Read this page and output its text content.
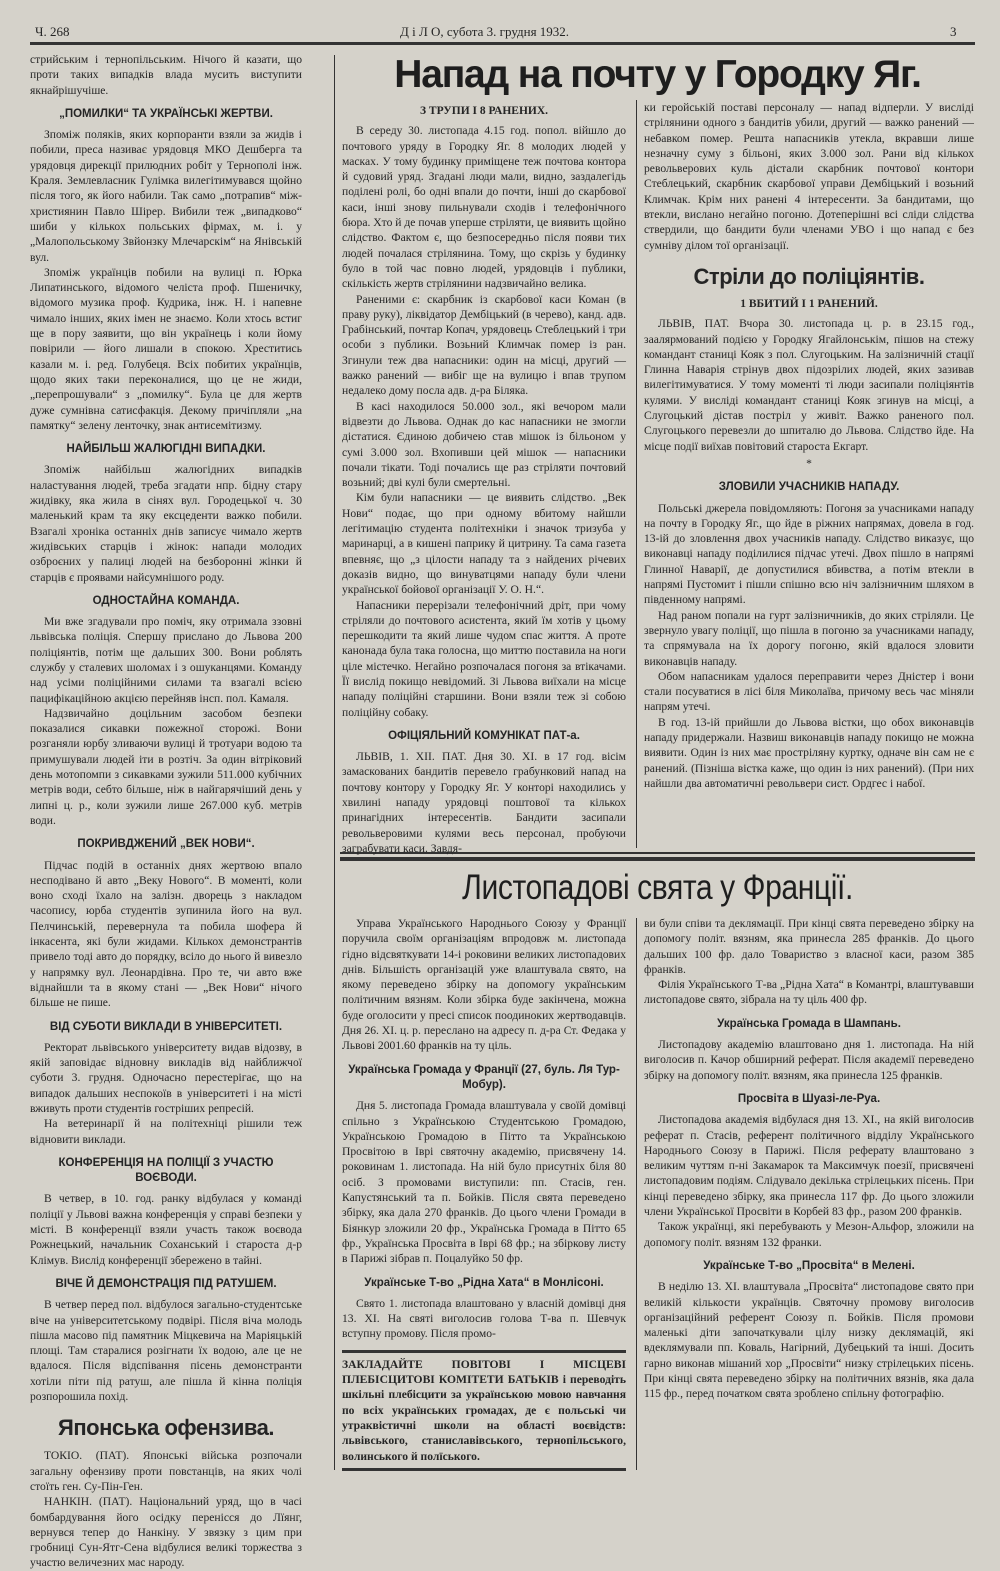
Ч. 268	Д і Л О, субота 3. грудня 1932.	3
Напад на почту у Городку Яг.
Листопадові свята у Франції.

стрийським і тернопільським. Нічого й казати, що проти таких випадків влада мусить виступити якнайрішучіше.

„ПОМИЛКИ“ ТА УКРАЇНСЬКІ ЖЕРТВИ.

Зпоміж поляків, яких корпоранти взяли за жидів і побили, преса називає урядовця МКО Дешберга та урядовця дирекції прилюдних робіт у Тернополі інж. Краля. Землевласник Гулімка вилегітимувався щойно після того, як його набили. Так само „потрапив“ між-християнин Павло Шірер. Вибили теж „випадково“ шиби у кількох польських фірмах, м. і. у „Малопольському Звйонзку Млечарскім“ на Янівській вул.

Зпоміж українців побили на вулиці п. Юрка Липатинського, відомого челіста проф. Пшеничку, відомого музика проф. Кудрика, інж. Н. і напевне чимало інших, яких імен не знаємо. Коли хтось встиг ще в пору заявити, що він українець і коли йому повірили — його лишали в спокою. Хреститись казали м. і. ред. Голубеця. Всіх побитих українців, щодо яких таки переконалися, що це не жиди, „перепрошували“ з „помилку“. Була це для жертв дуже сумнівна сатисфакція. Декому причіпляли „на памятку“ зелену ленточку, знак антисемітизму.

НАЙБІЛЬШ ЖАЛЮГІДНІ ВИПАДКИ.

Зпоміж найбільш жалюгідних випадків наластування людей, треба згадати нпр. бідну стару жидівку, яка жила в сінях вул. Городецької ч. 30 маленький крам та яку ексцеденти важко побили. Взагалі хроніка останніх днів записує чимало жертв жидівських старців і жінок: напади молодих озброєних у палиці людей на безборонні жінки й старців є проявами найсумнішого роду.

ОДНОСТАЙНА КОМАНДА.

Ми вже згадували про поміч, яку отримала ззовні львівська поліція. Спершу прислано до Львова 200 поліціянтів, потім ще дальших 300. Вони роблять службу у сталевих шоломах і з ошуканцями. Команду над усіми поліційними силами та взагалі всією пацифікаційною акцією перейняв інсп. пол. Камаля.

Надзвичайно доцільним засобом безпеки показалися сикавки пожежної сторожі. Вони розганяли юрбу зливаючи вулиці й тротуари водою та примушували людей іти в розтіч. За один вітріковий день мотопомпи з сикавками зужили 511.000 кубічних метрів води, себто більше, ніж в найгарячіший день у липні ц. р., коли зужили лише 267.000 куб. метрів води.

ПОКРИВДЖЕНИЙ „ВЕК НОВИ“.

Підчас подій в останніх днях жертвою впало несподівано й авто „Веку Нового“. В моменті, коли воно сході їхало на залізн. дворець з накладом часопису, юрба студентів зупинила його на вул. Пелчинській, перевернула та побила шофера й інкасента, які були жидами. Кількох демонстрантів привело тоді авто до порядку, всіло до нього й вивезло у напрямку вул. Леонардівна. Про те, чи авто вже віднайшли та в якому стані — „Век Нови“ нічого більше не пише.

ВІД СУБОТИ ВИКЛАДИ В УНІВЕРСИТЕТІ.

Ректорат львівського університету видав відозву, в якій заповідає відновну викладів від найближчої суботи 3. грудня. Одночасно перестерігає, що на випадок дальших неспокоїв в університеті і на місті вживуть проти студентів гостріших репресій.

На ветеринарії й на політехніці рішили теж відновити виклади.

КОНФЕРЕНЦІЯ НА ПОЛІЦІЇ З УЧАСТЮ ВОЄВОДИ.

В четвер, в 10. год. ранку відбулася у команді поліції у Львові важна конференція у справі безпеки у місті. В конференції взяли участь також воєвода Рожнецький, начальник Соханський і староста д-р Клімув. Вислід конференції збережено в тайні.

ВІЧЕ Й ДЕМОНСТРАЦІЯ ПІД РАТУШЕМ.

В четвер перед пол. відбулося загально-студентське віче на університетському подвірі. Після віча молодь пішла масово під памятник Міцкевича на Маріяцькій площі. Там старалися розігнати їх водою, але це не вдалося. Після відспівання пісень демонстранти хотіли піти під ратуш, але пішла й кінна поліція розпорошила похід.

Японська офензива.

ТОКІО. (ПАТ). Японські війська розпочали загальну офензиву проти повстанців, на яких чолі стоїть ген. Су-Пін-Ген.

НАНКІН. (ПАТ). Національний уряд, що в часі бомбардування його осідку перенісся до Лїянг, вернувся тепер до Нанкіну. У звязку з цим при гробниці Сун-Ятг-Сена відбулися великі торжества з участю величезних мас народу.

З ТРУПИ І 8 РАНЕНИХ.

В середу 30. листопада 4.15 год. попол. війшло до почтового уряду в Городку Яг. 8 молодих людей у масках. У тому будинку приміщене теж почтова контора й судовий уряд. Згадані люди мали, видно, заздалегідь поділені ролі, бо одні впали до почти, інші до скарбової каси, інші знову пильнували сходів і телефонічного бюра. Хто й де почав уперше стріляти, це виявить щойно слідство. Фактом є, що безпосередньо після появи тих людей почалася стрілянина. Тому, що скрізь у будинку було в той час повно людей, урядовців і публики, скількість жертв стрілянини надзвичайно велика.

Раненими є: скарбник із скарбової каси Коман (в праву руку), ліквідатор Дембіцький (в черево), канд. адв. Грабінський, почтар Копач, урядовець Стеблецький і три особи з публики. Возьний Климчак помер із ран. Згинули теж два напасники: один на місці, другий — важко ранений — вибіг ще на вулицю і впав трупом недалеко дому посла адв. д-ра Біляка.

В касі находилося 50.000 зол., які вечором мали відвезти до Львова. Однак до кас напасники не змогли дістатися. Єдиною добичею став мішок із більоном у сумі 3.000 зол. Вхопивши цей мішок — напасники почали тікати. Тоді почались ще раз стріляти почтовий возьний; дві кулі були смертельні.

Кім були напасники — це виявить слідство. „Век Нови“ подає, що при одному вбитому найшли легітимацію студента політехніки і значок тризуба у маринарці, а в кишені паприку й цитрину. Та сама газета впевняє, що „з цілости нападу та з найдених річевих доказів видно, що винуватцями нападу були члени української бойової організації У. О. Н.“.

Напасники перерізали телефонічний дріт, при чому стріляли до почтового асистента, який їм хотів у цьому перешкодити та який лише чудом спас життя. А проте канонада була така голосна, що миттю поставила на ноги ціле містечко. Негайно розпочалася погоня за втікачами. Її вислід покищо невідомий. Зі Львова виїхали на місце нападу поліційні старшини. Вони взяли теж зі собою поліційну собаку.

ОФІЦІЯЛЬНИЙ КОМУНІКАТ ПАТ-а.

ЛЬВІВ, 1. XII. ПАТ. Дня 30. XI. в 17 год. вісім замаскованих бандитів перевело грабунковий напад на почтову контору у Городку Яг. У конторі находились у хвилині нападу урядовці поштової та кількох принагідних інтересентів. Бандити засипали револьверовими кулями весь персонал, пробуючи заграбувати каси. Завдя-

ки геройській поставі персоналу — напад відперли. У висліді стрілянини одного з бандитів убили, другий — важко ранений — небавком помер. Решта напасників утекла, вкравши лише незначну суму з більоні, яких 3.000 зол. Рани від кількох револьверових куль дістали скарбник почтової контори Стеблецький, скарбник скарбової управи Дембіцький і возьний Климчак. Крім них ранені 4 інтересенти. За бандитами, що втекли, вислано негайно погоню. Дотеперішні всі сліди слідства ствердили, що бандити були членами УВО і що напад є без сумніву ділом тої організації.

Стріли до поліціянтів.

1 ВБИТИЙ І 1 РАНЕНИЙ.

ЛЬВІВ, ПАТ. Вчора 30. листопада ц. р. в 23.15 год., заалярмований подією у Городку Ягайлонськім, пішов на стежу командант станиці Кояк з пол. Слугоцьким. На залізничній стації Глинна Наварія стрінув двох підозрілих людей, яких зазивав вилегітимуватися. У тому моменті ті люди засипали поліціянтів кулями. У висліді командант станиці Кояк згинув на місці, а Слугоцький дістав постріл у живіт. Важко раненого пол. Слугоцького перевезли до шпиталю до Львова. Слідство йде. На місце події виїхав повітовий староста Екгарт.

*

ЗЛОВИЛИ УЧАСНИКІВ НАПАДУ.

Польські джерела повідомляють: Погоня за учасниками нападу на почту в Городку Яг., що йде в ріжних напрямах, довела в год. 13-ій до зловлення двох учасників нападу. Слідство виказує, що виконавці нападу поділилися підчас утечі. Двох пішло в напрямі Глинної Наварії, де допустилися вбивства, а потім втекли в напрямі Пустомит і пішли спішно всю ніч залізничним шляхом в південному напрямі.

Над раном попали на гурт залізничників, до яких стріляли. Це звернуло увагу поліції, що пішла в погоню за учасниками нападу, та спрямувала на їх дорогу погоню, якій вдалося зловити виконавців нападу.

Обом напасникам удалося переправити через Дністер і вони стали посуватися в лісі біля Миколаїва, причому весь час міняли напрям утечі.

В год. 13-ій прийшли до Львова вістки, що обох виконавців нападу придержали. Назвиш виконавців нападу покищо не можна виявити. Один із них має простріляну куртку, одначе він сам не є ранений. (Пізніша вістка каже, що один із них ранений). (При них найшли два автоматичні револьвери сист. Ордгес і набої.

Управа Українського Народнього Союзу у Франції поручила своїм організаціям впродовж м. листопада гідно відсвяткувати 14-і роковини великих листопадових днів. Більшість організацій уже влаштувала свято, на якому переведено збірку на допомогу українським політичним вязням. Коли збірка буде закінчена, можна буде оголосити у пресі список поодиноких жертводавців. Дня 26. XI. ц. р. переслано на адресу п. д-ра Ст. Федака у Львові 2001.60 франків на ту ціль.

Українська Громада у Франції (27, буль. Ля Тур-Мобур).

Дня 5. листопада Громада влаштувала у своїй домівці спільно з Українською Студентською Громадою, Українською Громадою в Пітто та Українською Просвітою в Іврі святочну академію, присвячену 14. роковинам 1. листопада. На ній було присутніх біля 80 осіб. З промовами виступили: пп. Стасів, ген. Капустянський та п. Бойків. Після свята переведено збірку, яка дала 270 франків. До цього члени Громади в Біянкур зложили 20 фр., Українська Громада в Пітто 65 фр., Українська Просвіта в Іврі 68 фр.; на збіркову листу в Парижі зібрав п. Поцалуйко 50 фр.

Українське Т-во „Рідна Хата“ в Монлісоні.

Свято 1. листопада влаштовано у власній домівці дня 13. XI. На святі виголосив голова Т-ва п. Шевчук вступну промову. Після промо-

ЗАКЛАДАЙТЕ ПОВІТОВІ І МІСЦЕВІ ПЛЕБІСЦИТОВІ КОМІТЕТИ БАТЬКІВ і переводіть шкільні плебісцити за українською мовою навчання по всіх українських громадах, де є польські чи утраквістичні школи на області воєвідств: львівського, станиславівського, тернопільського, волинського й полїського.

ви були співи та деклямації. При кінці свята переведено збірку на допомогу політ. вязням, яка принесла 285 франків. До цього дальших 100 фр. дало Товариство з власної каси, разом 385 франків.

Філія Українського Т-ва „Рідна Хата“ в Комантрі, влаштувавши листопадове свято, зібрала на ту ціль 400 фр.

Українська Громада в Шампань.

Листопадову академію влаштовано дня 1. листопада. На ній виголосив п. Качор обширний реферат. Після академії переведено збірку на допомогу політ. вязням, яка принесла 125 франків.

Просвіта в Шуазі-ле-Руа.

Листопадова академія відбулася дня 13. XI., на якій виголосив реферат п. Стасів, референт політичного відділу Українського Народнього Союзу в Парижі. Після реферату влаштовано з великим чуттям п-ні Закамарок та Максимчук поезії, присвячені листопадовим подіям. Слідувало декілька стрілецьких пісень. При кінці переведено збірку, яка принесла 117 фр. До цього зложили члени Української Просвіти в Корбей 83 фр., разом 200 франків.

Також українці, які перебувають у Мезон-Альфор, зложили на допомогу політ. вязням 132 франки.

Українське Т-во „Просвіта“ в Мелені.

В неділю 13. XI. влаштувала „Просвіта“ листопадове свято при великій кількости українців. Святочну промову виголосив організаційний референт Союзу п. Бойків. Після промови маленькі діти започаткували цілу низку деклямацій, які вдеклямували пп. Коваль, Нагірний, Дубецький та інші. Досить гарно виконав мішаний хор „Просвіти“ низку стрілецьких пісень. При кінці свята переведено збірку на політичних вязнів, яка дала 115 фр., перед початком свята зроблено спільну фотографію.
